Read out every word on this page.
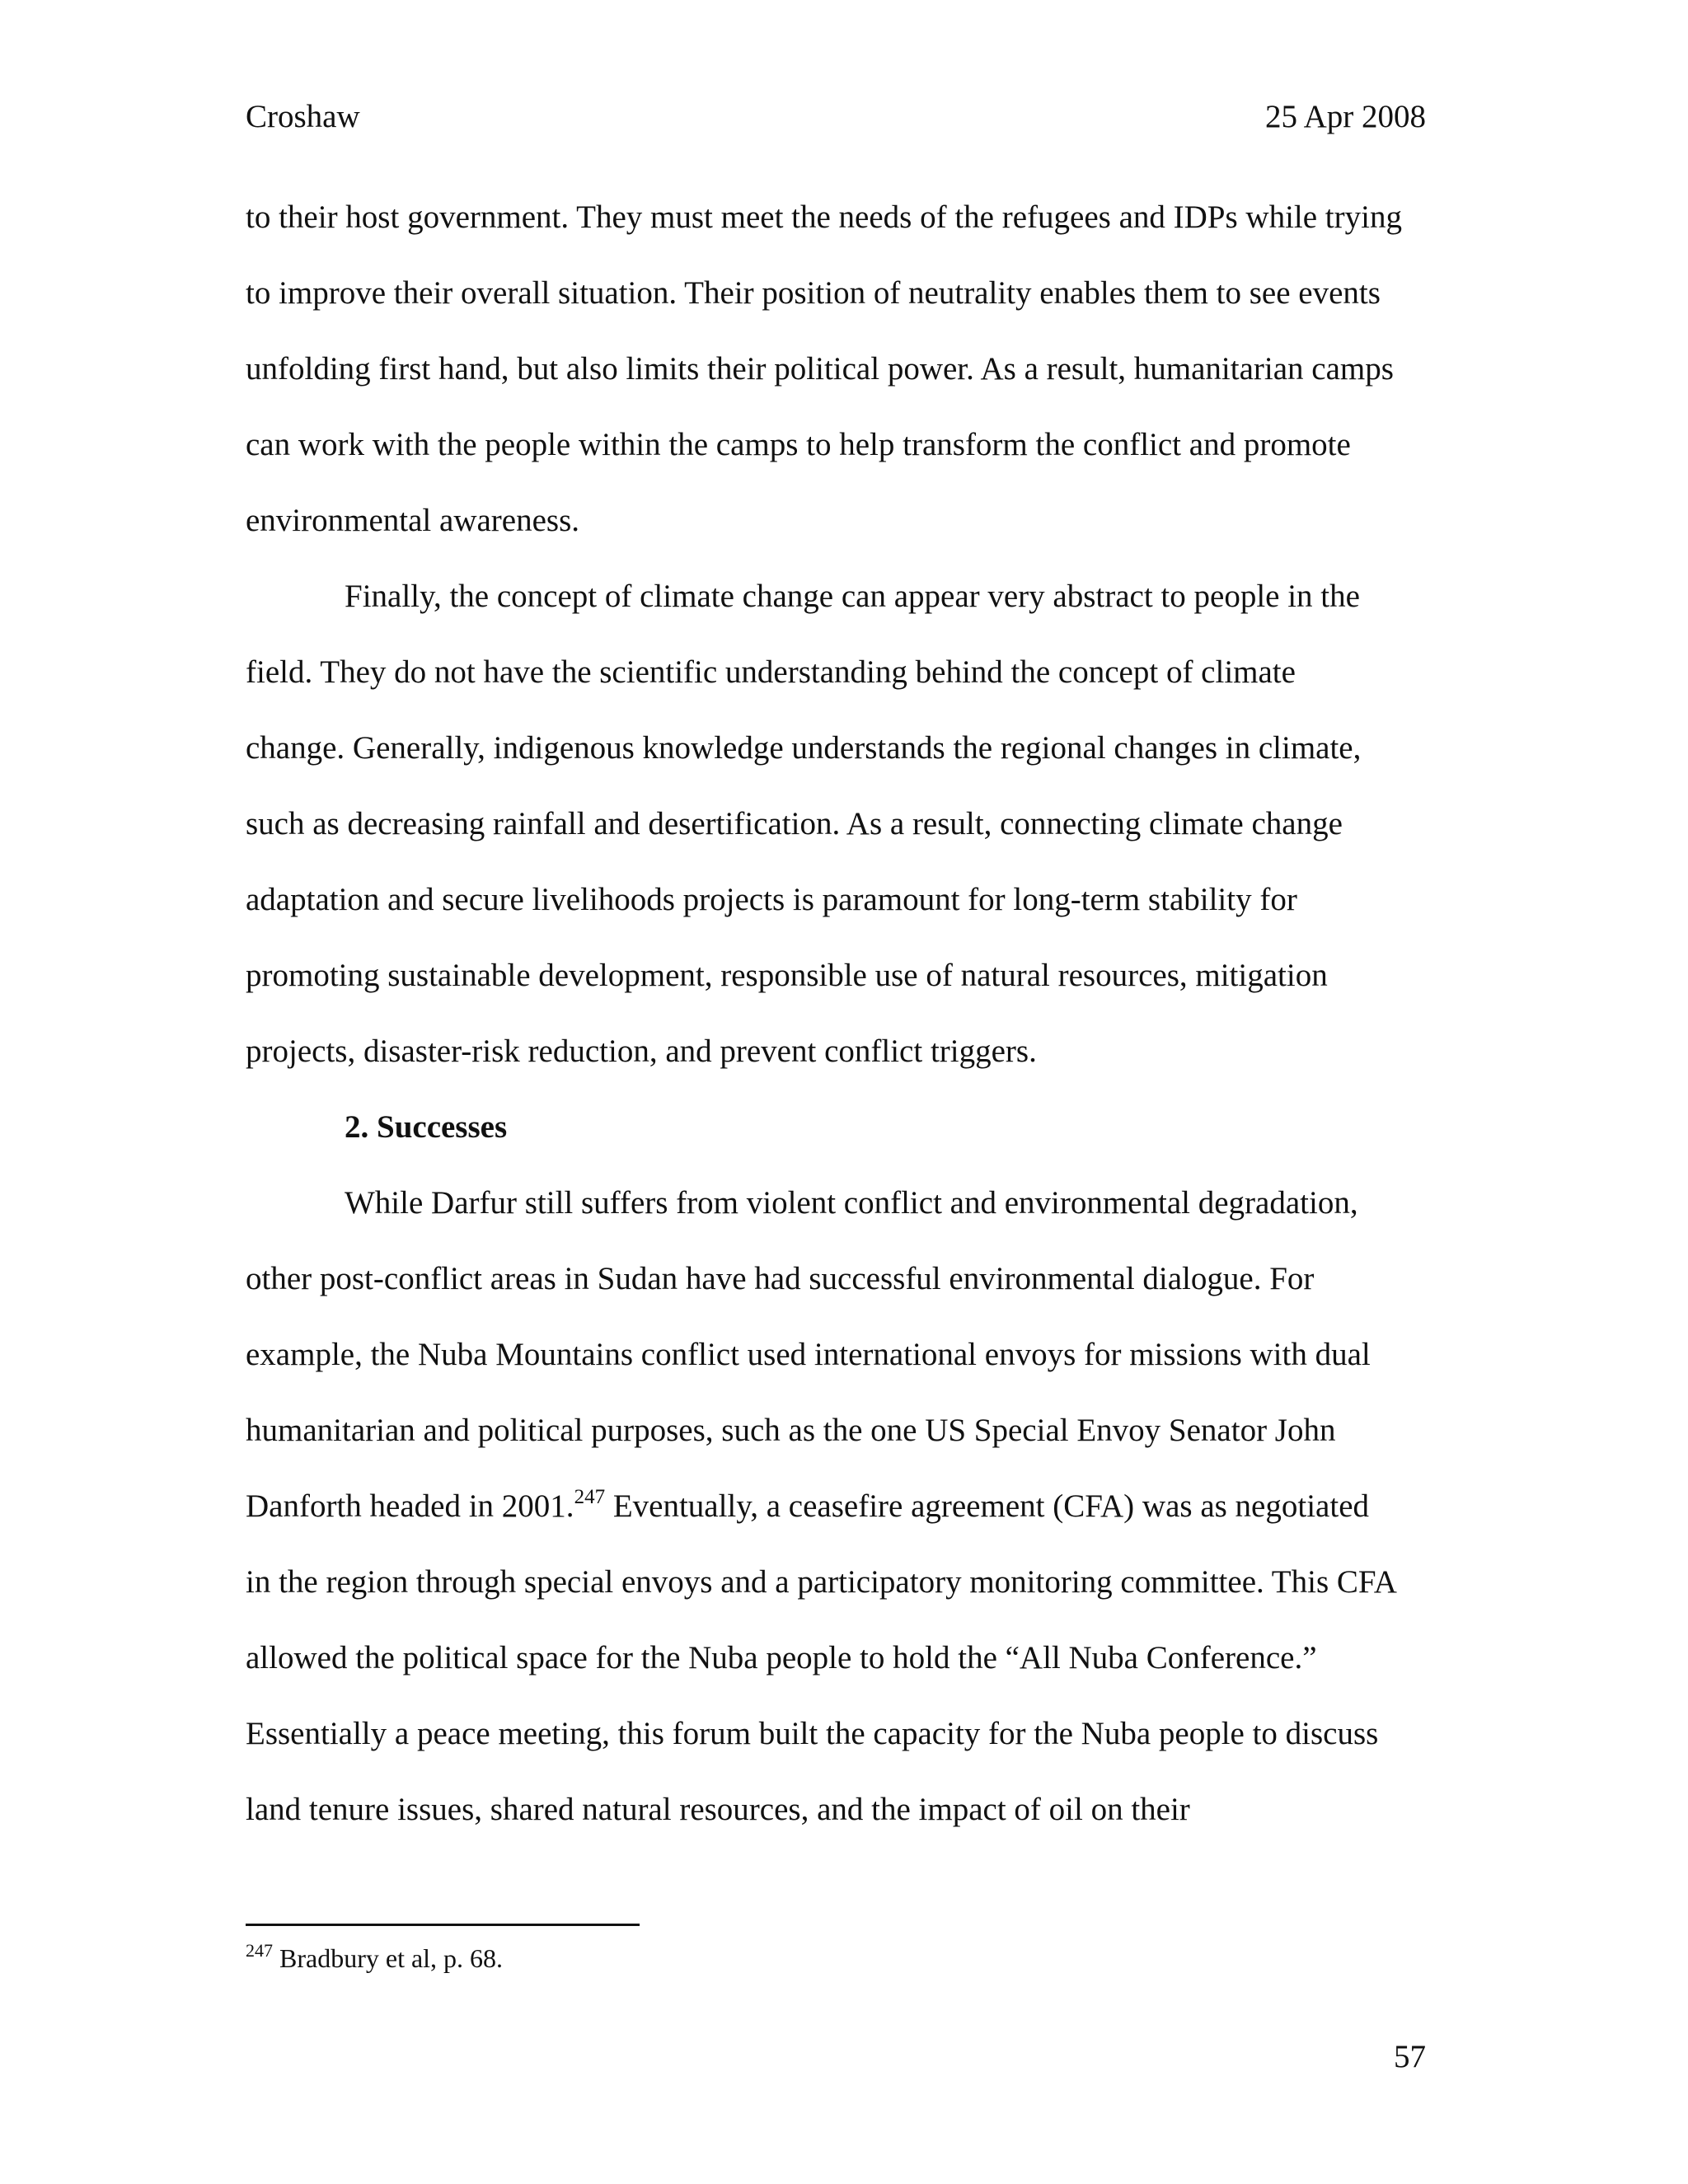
Croshaw	25 Apr 2008
to their host government. They must meet the needs of the refugees and IDPs while trying
to improve their overall situation. Their position of neutrality enables them to see events
unfolding first hand, but also limits their political power. As a result, humanitarian camps
can work with the people within the camps to help transform the conflict and promote
environmental awareness.
Finally, the concept of climate change can appear very abstract to people in the
field. They do not have the scientific understanding behind the concept of climate
change. Generally, indigenous knowledge understands the regional changes in climate,
such as decreasing rainfall and desertification. As a result, connecting climate change
adaptation and secure livelihoods projects is paramount for long-term stability for
promoting sustainable development, responsible use of natural resources, mitigation
projects, disaster-risk reduction, and prevent conflict triggers.
2. Successes
While Darfur still suffers from violent conflict and environmental degradation,
other post-conflict areas in Sudan have had successful environmental dialogue. For
example, the Nuba Mountains conflict used international envoys for missions with dual
humanitarian and political purposes, such as the one US Special Envoy Senator John
Danforth headed in 2001.$^{247}$ Eventually, a ceasefire agreement (CFA) was as negotiated
in the region through special envoys and a participatory monitoring committee. This CFA
allowed the political space for the Nuba people to hold the “All Nuba Conference.”
Essentially a peace meeting, this forum built the capacity for the Nuba people to discuss
land tenure issues, shared natural resources, and the impact of oil on their
$^{247}$ Bradbury et al, p. 68.
57
